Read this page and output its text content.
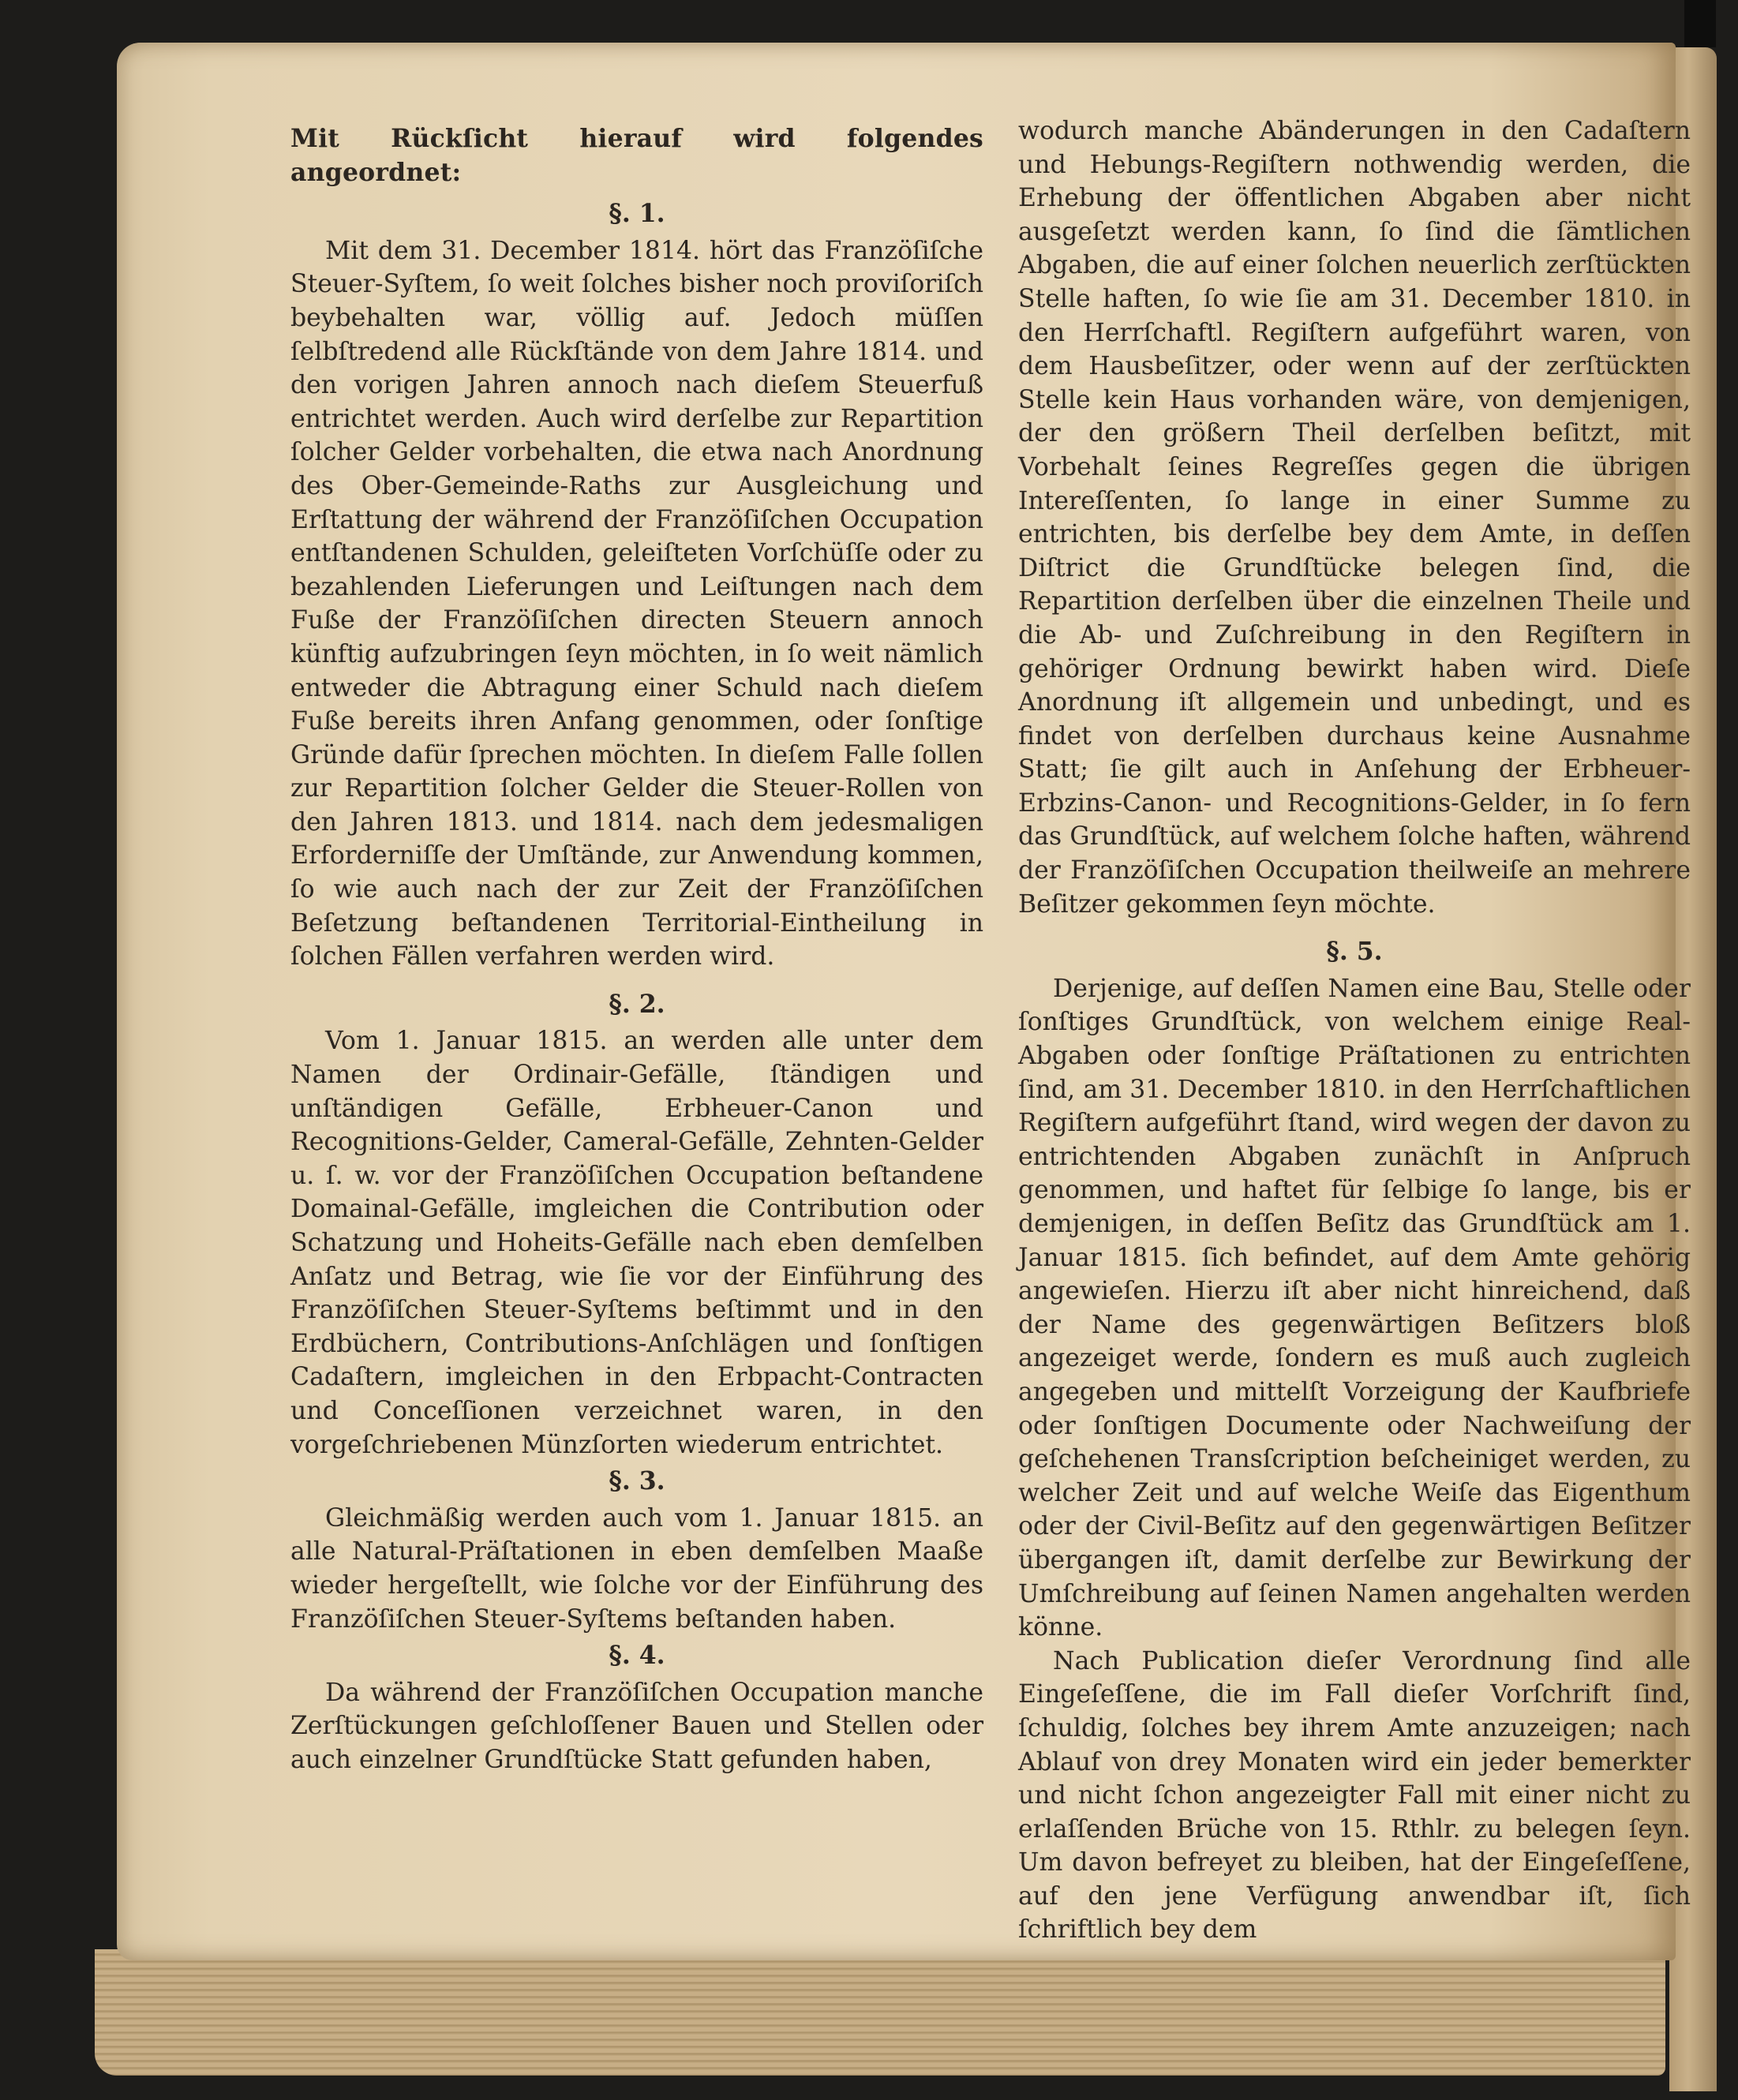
Mit Rückſicht hierauf wird folgendes angeordnet:
§. 1.
Mit dem 31. December 1814. hört das Franzöſiſche Steuer-Syſtem, ſo weit ſolches bisher noch proviſoriſch beybehalten war, völlig auf. Jedoch müſſen ſelbſtredend alle Rückſtände von dem Jahre 1814. und den vorigen Jahren annoch nach dieſem Steuerfuß entrichtet werden. Auch wird derſelbe zur Repartition ſolcher Gelder vorbehalten, die etwa nach Anordnung des Ober-Gemeinde-Raths zur Ausgleichung und Erſtattung der während der Franzöſiſchen Occupation entſtandenen Schulden, geleiſteten Vorſchüſſe oder zu bezahlenden Lieferungen und Leiſtungen nach dem Fuße der Franzöſiſchen directen Steuern annoch künftig aufzubringen ſeyn möchten, in ſo weit nämlich entweder die Abtragung einer Schuld nach dieſem Fuße bereits ihren Anfang genommen, oder ſonſtige Gründe dafür ſprechen möchten. In dieſem Falle ſollen zur Repartition ſolcher Gelder die Steuer-Rollen von den Jahren 1813. und 1814. nach dem jedesmaligen Erforderniſſe der Umſtände, zur Anwendung kommen, ſo wie auch nach der zur Zeit der Franzöſiſchen Beſetzung beſtandenen Territorial-Eintheilung in ſolchen Fällen verfahren werden wird.
§. 2.
Vom 1. Januar 1815. an werden alle unter dem Namen der Ordinair-Gefälle, ſtändigen und unſtändigen Gefälle, Erbheuer-Canon und Recognitions-Gelder, Cameral-Gefälle, Zehnten-Gelder u. ſ. w. vor der Franzöſiſchen Occupation beſtandene Domainal-Gefälle, imgleichen die Contribution oder Schatzung und Hoheits-Gefälle nach eben demſelben Anſatz und Betrag, wie ſie vor der Einführung des Franzöſiſchen Steuer-Syſtems beſtimmt und in den Erdbüchern, Contributions-Anſchlägen und ſonſtigen Cadaſtern, imgleichen in den Erbpacht-Contracten und Conceſſionen verzeichnet waren, in den vorgeſchriebenen Münzſorten wiederum entrichtet.
§. 3.
Gleichmäßig werden auch vom 1. Januar 1815. an alle Natural-Präſtationen in eben demſelben Maaße wieder hergeſtellt, wie ſolche vor der Einführung des Franzöſiſchen Steuer-Syſtems beſtanden haben.
§. 4.
Da während der Franzöſiſchen Occupation manche Zerſtückungen geſchloſſener Bauen und Stellen oder auch einzelner Grundſtücke Statt gefunden haben,
wodurch manche Abänderungen in den Cadaſtern und Hebungs-Regiſtern nothwendig werden, die Erhebung der öffentlichen Abgaben aber nicht ausgeſetzt werden kann, ſo ſind die ſämtlichen Abgaben, die auf einer ſolchen neuerlich zerſtückten Stelle haften, ſo wie ſie am 31. December 1810. in den Herrſchaftl. Regiſtern aufgeführt waren, von dem Hausbeſitzer, oder wenn auf der zerſtückten Stelle kein Haus vorhanden wäre, von demjenigen, der den größern Theil derſelben beſitzt, mit Vorbehalt ſeines Regreſſes gegen die übrigen Intereſſenten, ſo lange in einer Summe zu entrichten, bis derſelbe bey dem Amte, in deſſen Diſtrict die Grundſtücke belegen ſind, die Repartition derſelben über die einzelnen Theile und die Ab- und Zuſchreibung in den Regiſtern in gehöriger Ordnung bewirkt haben wird. Dieſe Anordnung iſt allgemein und unbedingt, und es findet von derſelben durchaus keine Ausnahme Statt; ſie gilt auch in Anſehung der Erbheuer-Erbzins-Canon- und Recognitions-Gelder, in ſo fern das Grundſtück, auf welchem ſolche haften, während der Franzöſiſchen Occupation theilweiſe an mehrere Beſitzer gekommen ſeyn möchte.
§. 5.
Derjenige, auf deſſen Namen eine Bau, Stelle oder ſonſtiges Grundſtück, von welchem einige Real-Abgaben oder ſonſtige Präſtationen zu entrichten ſind, am 31. December 1810. in den Herrſchaftlichen Regiſtern aufgeführt ſtand, wird wegen der davon zu entrichtenden Abgaben zunächſt in Anſpruch genommen, und haftet für ſelbige ſo lange, bis er demjenigen, in deſſen Beſitz das Grundſtück am 1. Januar 1815. ſich befindet, auf dem Amte gehörig angewieſen. Hierzu iſt aber nicht hinreichend, daß der Name des gegenwärtigen Beſitzers bloß angezeiget werde, ſondern es muß auch zugleich angegeben und mittelſt Vorzeigung der Kaufbriefe oder ſonſtigen Documente oder Nachweiſung der geſchehenen Transſcription beſcheiniget werden, zu welcher Zeit und auf welche Weiſe das Eigenthum oder der Civil-Beſitz auf den gegenwärtigen Beſitzer übergangen iſt, damit derſelbe zur Bewirkung der Umſchreibung auf ſeinen Namen angehalten werden könne.
Nach Publication dieſer Verordnung ſind alle Eingeſeſſene, die im Fall dieſer Vorſchrift ſind, ſchuldig, ſolches bey ihrem Amte anzuzeigen; nach Ablauf von drey Monaten wird ein jeder bemerkter und nicht ſchon angezeigter Fall mit einer nicht zu erlaſſenden Brüche von 15. Rthlr. zu belegen ſeyn. Um davon befreyet zu bleiben, hat der Eingeſeſſene, auf den jene Verfügung anwendbar iſt, ſich ſchriftlich bey dem
